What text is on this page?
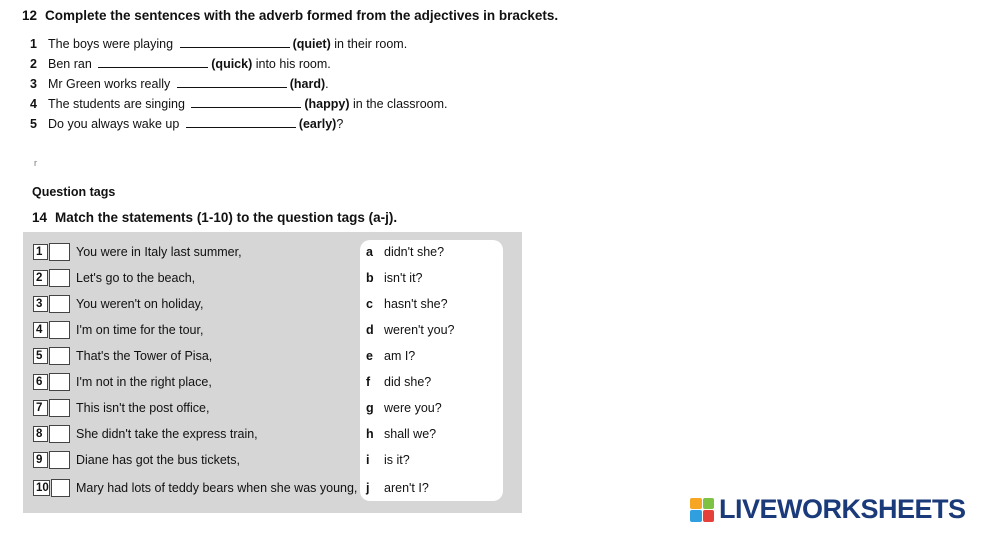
12 Complete the sentences with the adverb formed from the adjectives in brackets.
1 The boys were playing	(quiet) in their room.
2 Ben ran	(quick) into his room.
3 Mr Green works really	(hard).
4 The students are singing	(happy) in the classroom.
5 Do you always wake up	(early)?
r
Question tags
14 Match the statements (1-10) to the question tags (a-j).
1	You were in Italy last summer,
2	Let's go to the beach,
3	You weren't on holiday,
4	I'm on time for the tour,
5	That's the Tower of Pisa,
6	I'm not in the right place,
7	This isn't the post office,
8	She didn't take the express train,
9	Diane has got the bus tickets,
10 Mary had lots of teddy bears when she was young,
a didn't she?
b isn't it?
c hasn't she?
d weren't you?
e am I?
f	did she?
g were you?
h shall we?
i	is it?
j	aren't I?
LIVEWORKSHEETS
